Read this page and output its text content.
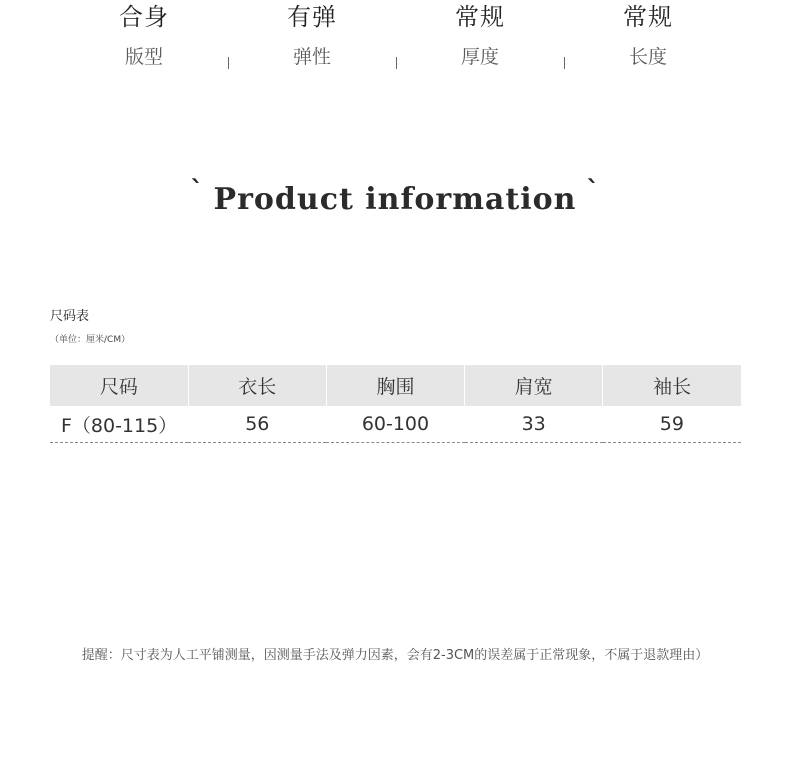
合身
版型
有弹
弹性
常规
厚度
常规
长度
` Product information `
尺码表
（单位：厘米/CM）
尺码	衣长	胸围	肩宽	袖长
F（80-115）	56	60-100	33	59
提醒：尺寸表为人工平铺测量，因测量手法及弹力因素，会有2-3CM的误差属于正常现象，不属于退款理由）
